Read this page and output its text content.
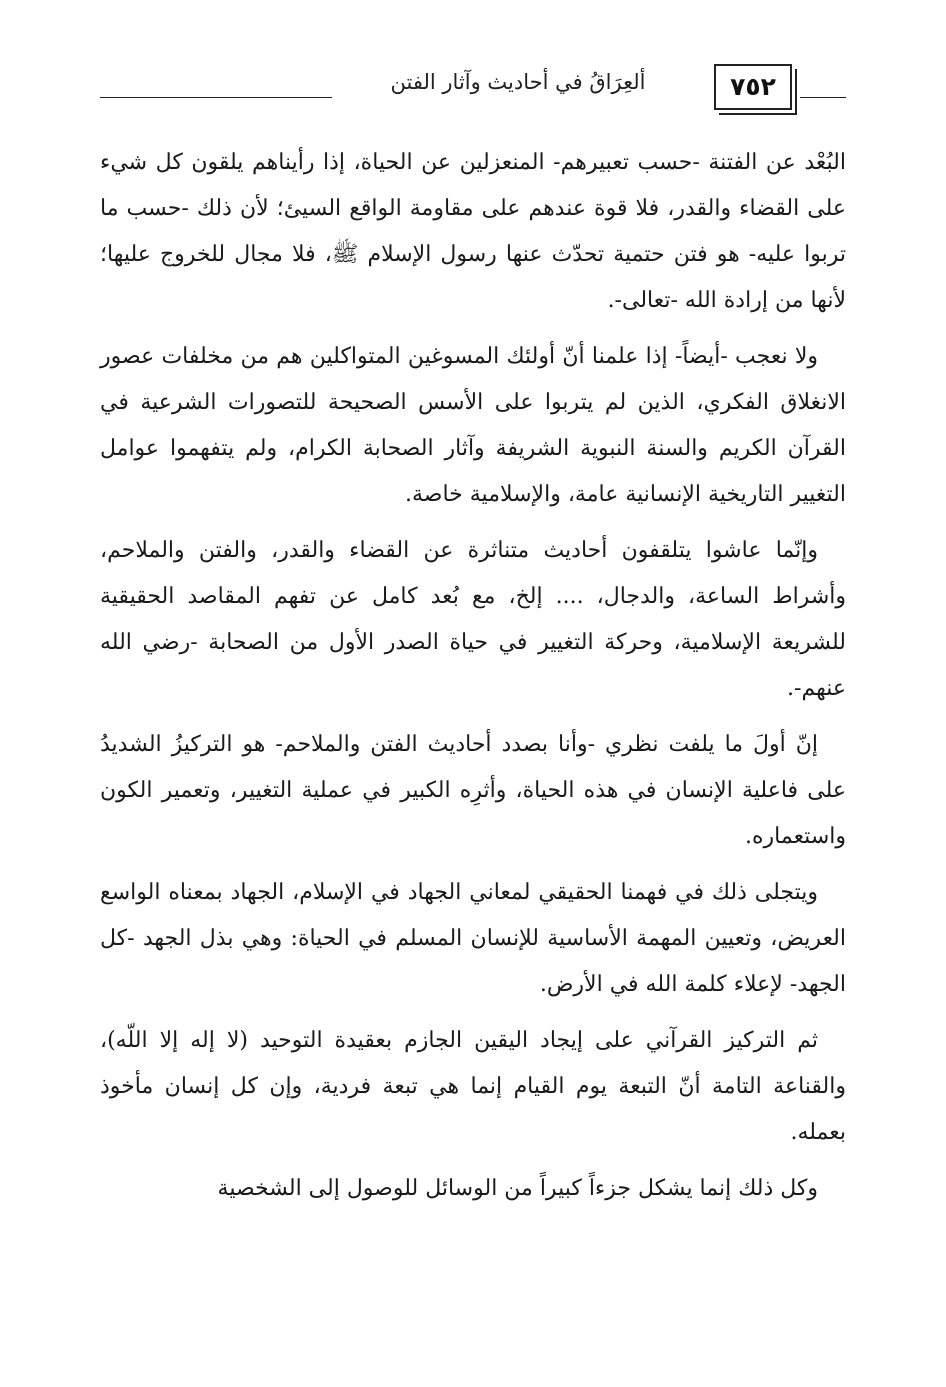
ألعِرَاقُ في أحاديث وآثار الفتن	٧٥٢

البُعْد عن الفتنة -حسب تعبيرهم- المنعزلين عن الحياة، إذا رأيناهم يلقون كل شيء على القضاء والقدر، فلا قوة عندهم على مقاومة الواقع السيئ؛ لأن ذلك -حسب ما تربوا عليه- هو فتن حتمية تحدّث عنها رسول الإسلام ﷺ، فلا مجال للخروج عليها؛ لأنها من إرادة الله -تعالى-.

ولا نعجب -أيضاً- إذا علمنا أنّ أولئك المسوغين المتواكلين هم من مخلفات عصور الانغلاق الفكري، الذين لم يتربوا على الأسس الصحيحة للتصورات الشرعية في القرآن الكريم والسنة النبوية الشريفة وآثار الصحابة الكرام، ولم يتفهموا عوامل التغيير التاريخية الإنسانية عامة، والإسلامية خاصة.

وإنّما عاشوا يتلقفون أحاديث متناثرة عن القضاء والقدر، والفتن والملاحم، وأشراط الساعة، والدجال، .... إلخ، مع بُعد كامل عن تفهم المقاصد الحقيقية للشريعة الإسلامية، وحركة التغيير في حياة الصدر الأول من الصحابة -رضي الله عنهم-.

إنّ أولَ ما يلفت نظري -وأنا بصدد أحاديث الفتن والملاحم- هو التركيزُ الشديدُ على فاعلية الإنسان في هذه الحياة، وأثرِه الكبير في عملية التغيير، وتعمير الكون واستعماره.

ويتجلى ذلك في فهمنا الحقيقي لمعاني الجهاد في الإسلام، الجهاد بمعناه الواسع العريض، وتعيين المهمة الأساسية للإنسان المسلم في الحياة: وهي بذل الجهد -كل الجهد- لإعلاء كلمة الله في الأرض.

ثم التركيز القرآني على إيجاد اليقين الجازم بعقيدة التوحيد (لا إله إلا اللّه)، والقناعة التامة أنّ التبعة يوم القيام إنما هي تبعة فردية، وإن كل إنسان مأخوذ بعمله.

وكل ذلك إنما يشكل جزءاً كبيراً من الوسائل للوصول إلى الشخصية
